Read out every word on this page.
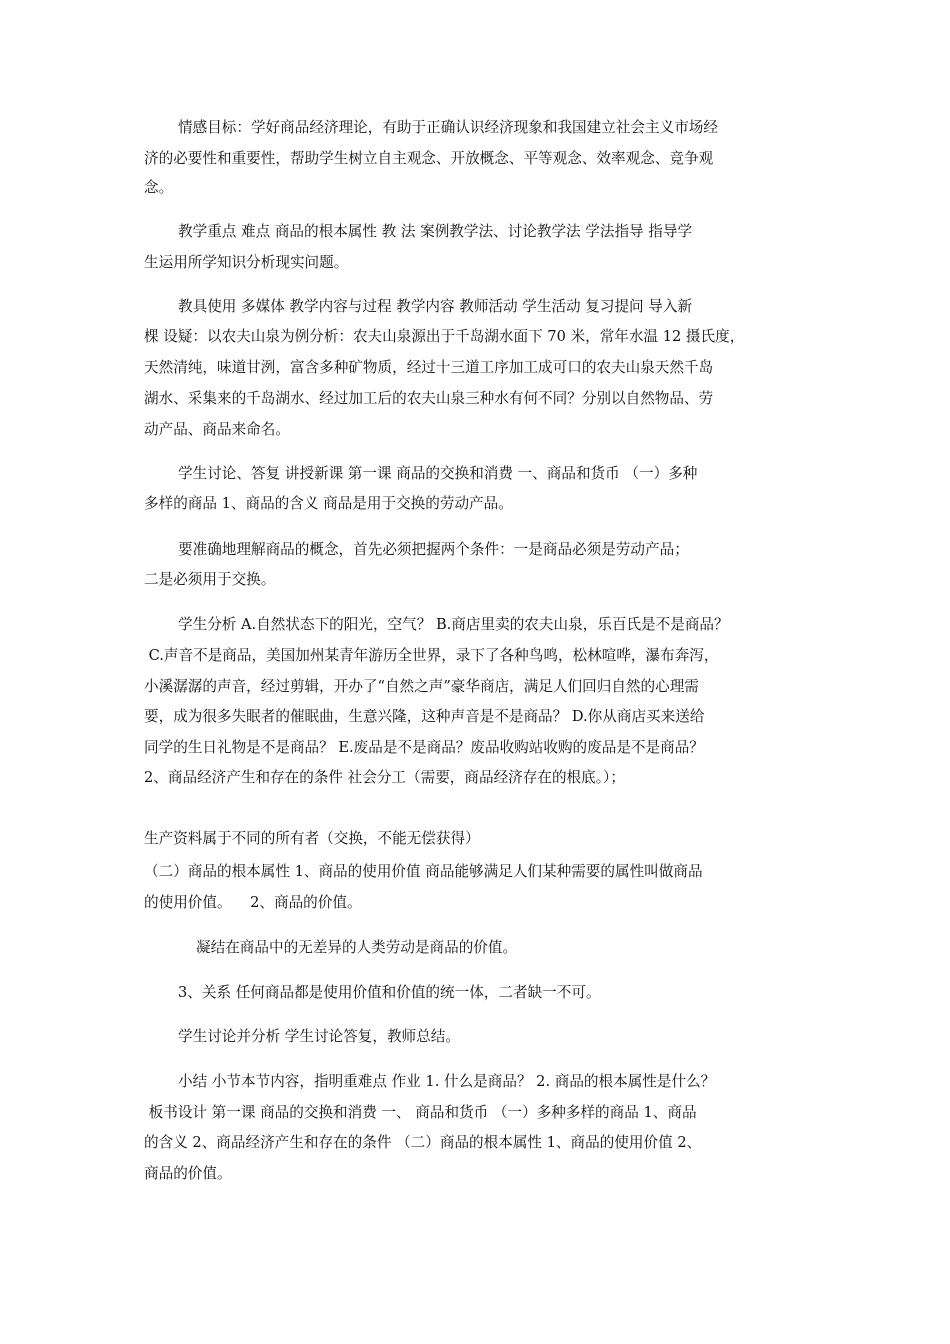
情感目标：学好商品经济理论，有助于正确认识经济现象和我国建立社会主义市场经
济的必要性和重要性，帮助学生树立自主观念、开放概念、平等观念、效率观念、竞争观
念。
教学重点 难点 商品的根本属性 教 法 案例教学法、讨论教学法 学法指导 指导学
生运用所学知识分析现实问题。
教具使用 多媒体 教学内容与过程 教学内容 教师活动 学生活动 复习提问 导入新
棵 设疑：以农夫山泉为例分析：农夫山泉源出于千岛湖水面下 70 米，常年水温 12 摄氏度，
天然清纯，味道甘洌，富含多种矿物质，经过十三道工序加工成可口的农夫山泉天然千岛
湖水、采集来的千岛湖水、经过加工后的农夫山泉三种水有何不同？分别以自然物品、劳
动产品、商品来命名。
学生讨论、答复 讲授新课 第一课 商品的交换和消费 一、商品和货币 （一）多种
多样的商品 1、商品的含义 商品是用于交换的劳动产品。
要准确地理解商品的概念，首先必须把握两个条件：一是商品必须是劳动产品；
二是必须用于交换。
学生分析 A.自然状态下的阳光，空气？ B.商店里卖的农夫山泉，乐百氏是不是商品？
C.声音不是商品，美国加州某青年游历全世界，录下了各种鸟鸣，松林喧哗，瀑布奔泻，
小溪潺潺的声音，经过剪辑，开办了“自然之声”豪华商店，满足人们回归自然的心理需
要，成为很多失眠者的催眠曲，生意兴隆，这种声音是不是商品？ D.你从商店买来送给
同学的生日礼物是不是商品？ E.废品是不是商品？废品收购站收购的废品是不是商品？
2、商品经济产生和存在的条件 社会分工（需要，商品经济存在的根底。）；
生产资料属于不同的所有者（交换，不能无偿获得）
（二）商品的根本属性 1、商品的使用价值 商品能够满足人们某种需要的属性叫做商品
的使用价值。    2、商品的价值。
凝结在商品中的无差异的人类劳动是商品的价值。
3、关系 任何商品都是使用价值和价值的统一体，二者缺一不可。
学生讨论并分析 学生讨论答复，教师总结。
小结 小节本节内容，指明重难点 作业 1. 什么是商品？ 2. 商品的根本属性是什么？
板书设计 第一课 商品的交换和消费 一、 商品和货币 （一）多种多样的商品 1、商品
的含义 2、商品经济产生和存在的条件 （二）商品的根本属性 1、商品的使用价值 2、
商品的价值。
